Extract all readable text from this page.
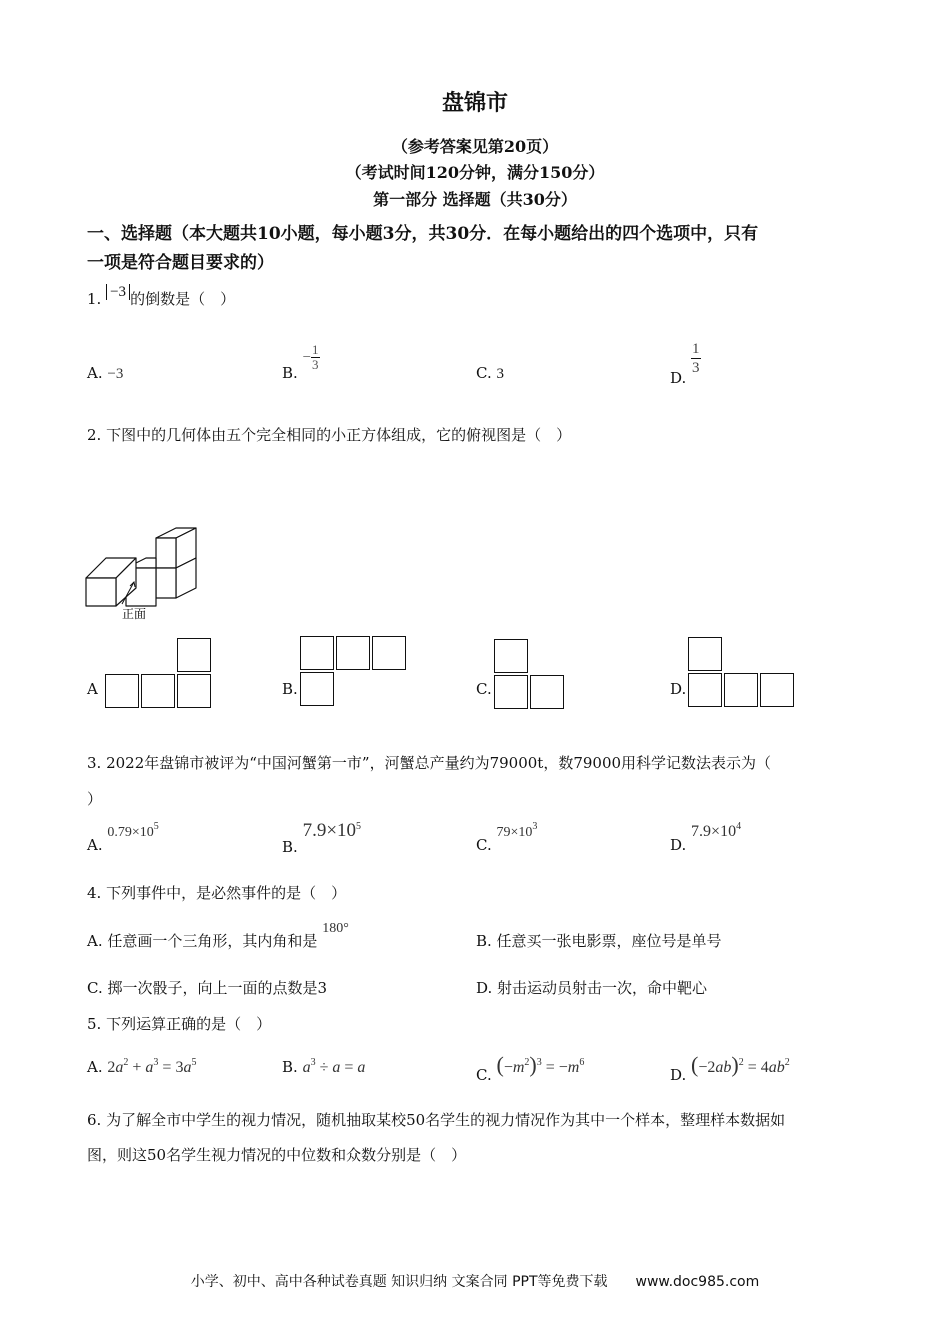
盘锦市
（参考答案见第20页）
（考试时间120分钟，满分150分）
第一部分 选择题（共30分）
一、选择题（本大题共10小题，每小题3分，共30分．在每小题给出的四个选项中，只有
一项是符合题目要求的）
1. −3 的倒数是（　）
A. −3	B. − $\frac{1}{3}$
C. 3	D.
$\frac{1}{3}$
2. 下图中的几何体由五个完全相同的小正方体组成，它的俯视图是（　）
正面
A	B.	C.	D.
3. 2022年盘锦市被评为“中国河蟹第一市”，河蟹总产量约为79000t，数79000用科学记数法表示为（
）
A. $0.79\times 10^5$
B. $7.9\times 10^5$
C. $79\times 10^3$
D. $7.9\times 10^4$
4. 下列事件中，是必然事件的是（　）
A. 任意画一个三角形，其内角和是 180°
B. 任意买一张电影票，座位号是单号
C. 掷一次骰子，向上一面的点数是3	D. 射击运动员射击一次，命中靶心
5. 下列运算正确的是（　）
A. $2a^2 + a^3 = 3a^5$	B. $a^3 \div a = a$	C. $(-m^2)^3 = -m^6$
D. $(-2ab)^2 = 4ab^2$
6. 为了解全市中学生的视力情况，随机抽取某校50名学生的视力情况作为其中一个样本，整理样本数据如
图，则这50名学生视力情况的中位数和众数分别是（　）
小学、初中、高中各种试卷真题 知识归纳 文案合同 PPT等免费下载　　www.doc985.com
